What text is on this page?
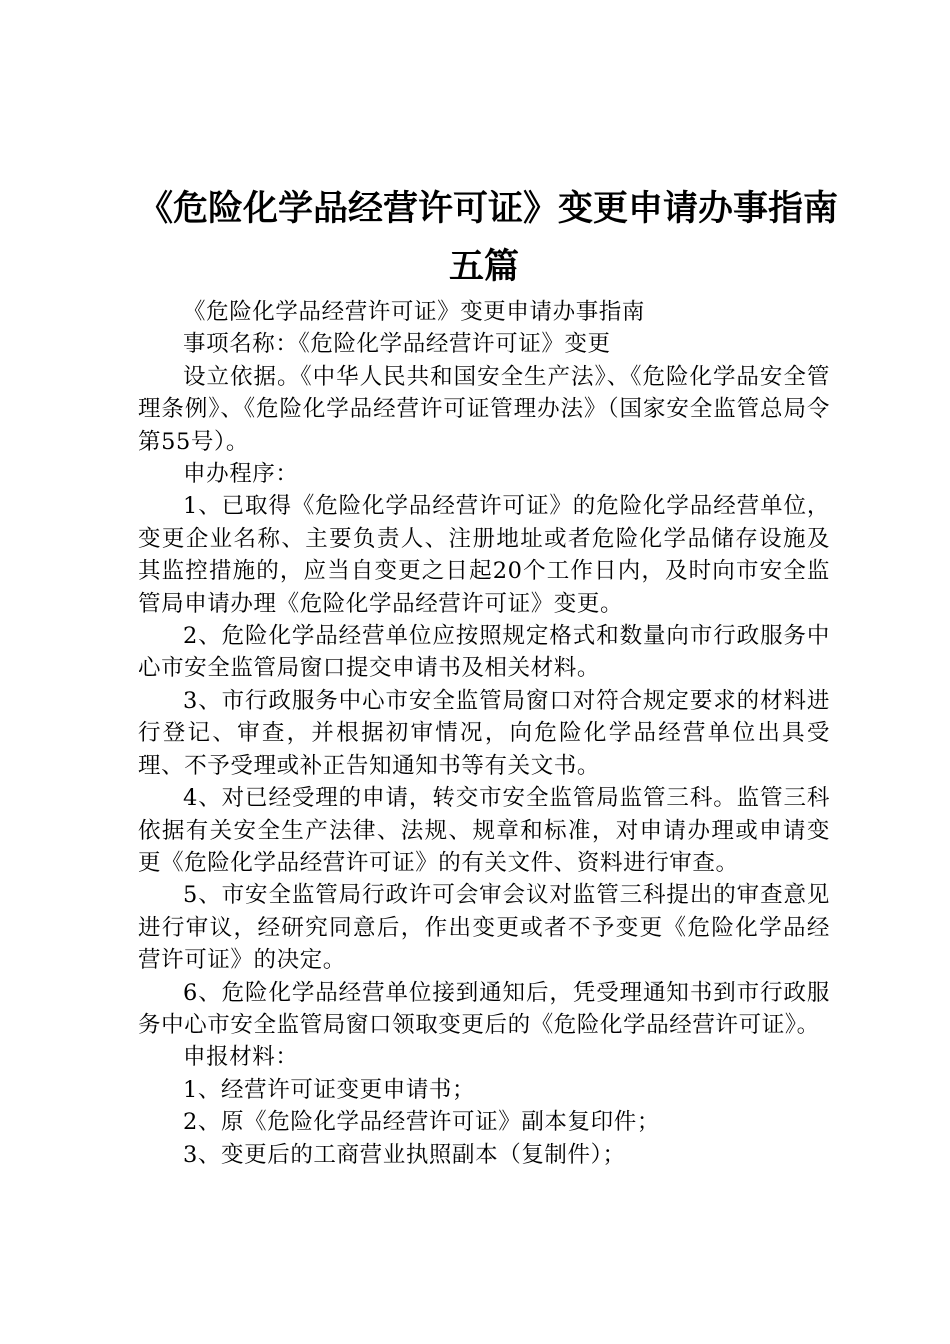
《危险化学品经营许可证》变更申请办事指南
五篇

《危险化学品经营许可证》变更申请办事指南

事项名称：《危险化学品经营许可证》变更

设立依据。《中华人民共和国安全生产法》、《危险化学品安全管理条例》、《危险化学品经营许可证管理办法》（国家安全监管总局令第55号）。

申办程序：

1、已取得《危险化学品经营许可证》的危险化学品经营单位，变更企业名称、主要负责人、注册地址或者危险化学品储存设施及其监控措施的，应当自变更之日起20个工作日内，及时向市安全监管局申请办理《危险化学品经营许可证》变更。

2、危险化学品经营单位应按照规定格式和数量向市行政服务中心市安全监管局窗口提交申请书及相关材料。

3、市行政服务中心市安全监管局窗口对符合规定要求的材料进行登记、审查，并根据初审情况，向危险化学品经营单位出具受理、不予受理或补正告知通知书等有关文书。

4、对已经受理的申请，转交市安全监管局监管三科。监管三科依据有关安全生产法律、法规、规章和标准，对申请办理或申请变更《危险化学品经营许可证》的有关文件、资料进行审查。

5、市安全监管局行政许可会审会议对监管三科提出的审查意见进行审议，经研究同意后，作出变更或者不予变更《危险化学品经营许可证》的决定。

6、危险化学品经营单位接到通知后，凭受理通知书到市行政服务中心市安全监管局窗口领取变更后的《危险化学品经营许可证》。

申报材料：

1、经营许可证变更申请书；

2、原《危险化学品经营许可证》副本复印件；

3、变更后的工商营业执照副本（复制件）；
